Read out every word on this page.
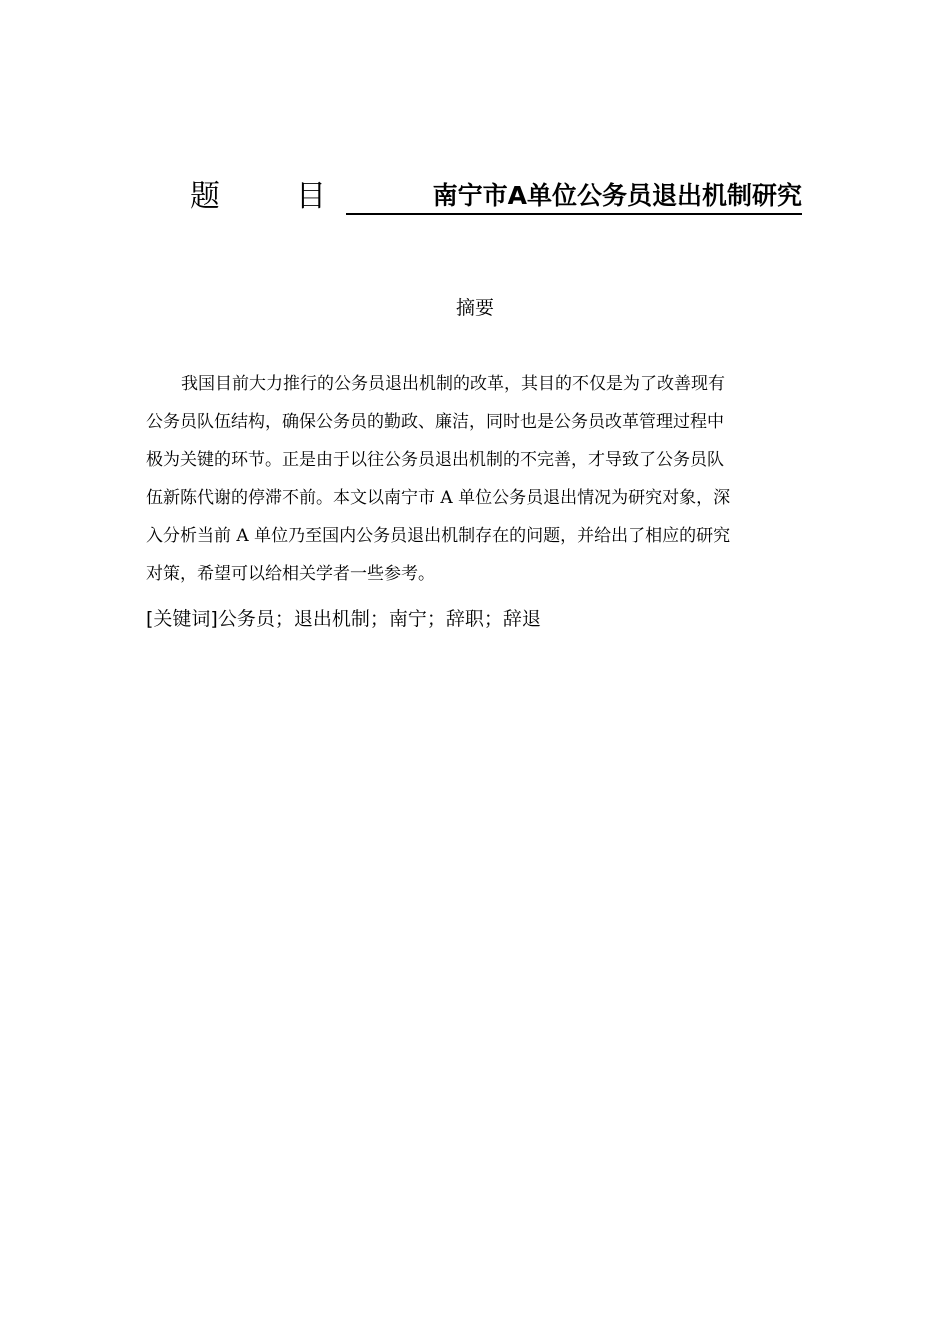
题	目	南宁市A单位公务员退出机制研究
摘要
我国目前大力推行的公务员退出机制的改革，其目的不仅是为了改善现有
公务员队伍结构，确保公务员的勤政、廉洁，同时也是公务员改革管理过程中
极为关键的环节。正是由于以往公务员退出机制的不完善，才导致了公务员队
伍新陈代谢的停滞不前。本文以南宁市 A 单位公务员退出情况为研究对象，深
入分析当前 A 单位乃至国内公务员退出机制存在的问题，并给出了相应的研究
对策，希望可以给相关学者一些参考。
[关键词]公务员；退出机制；南宁；辞职；辞退
